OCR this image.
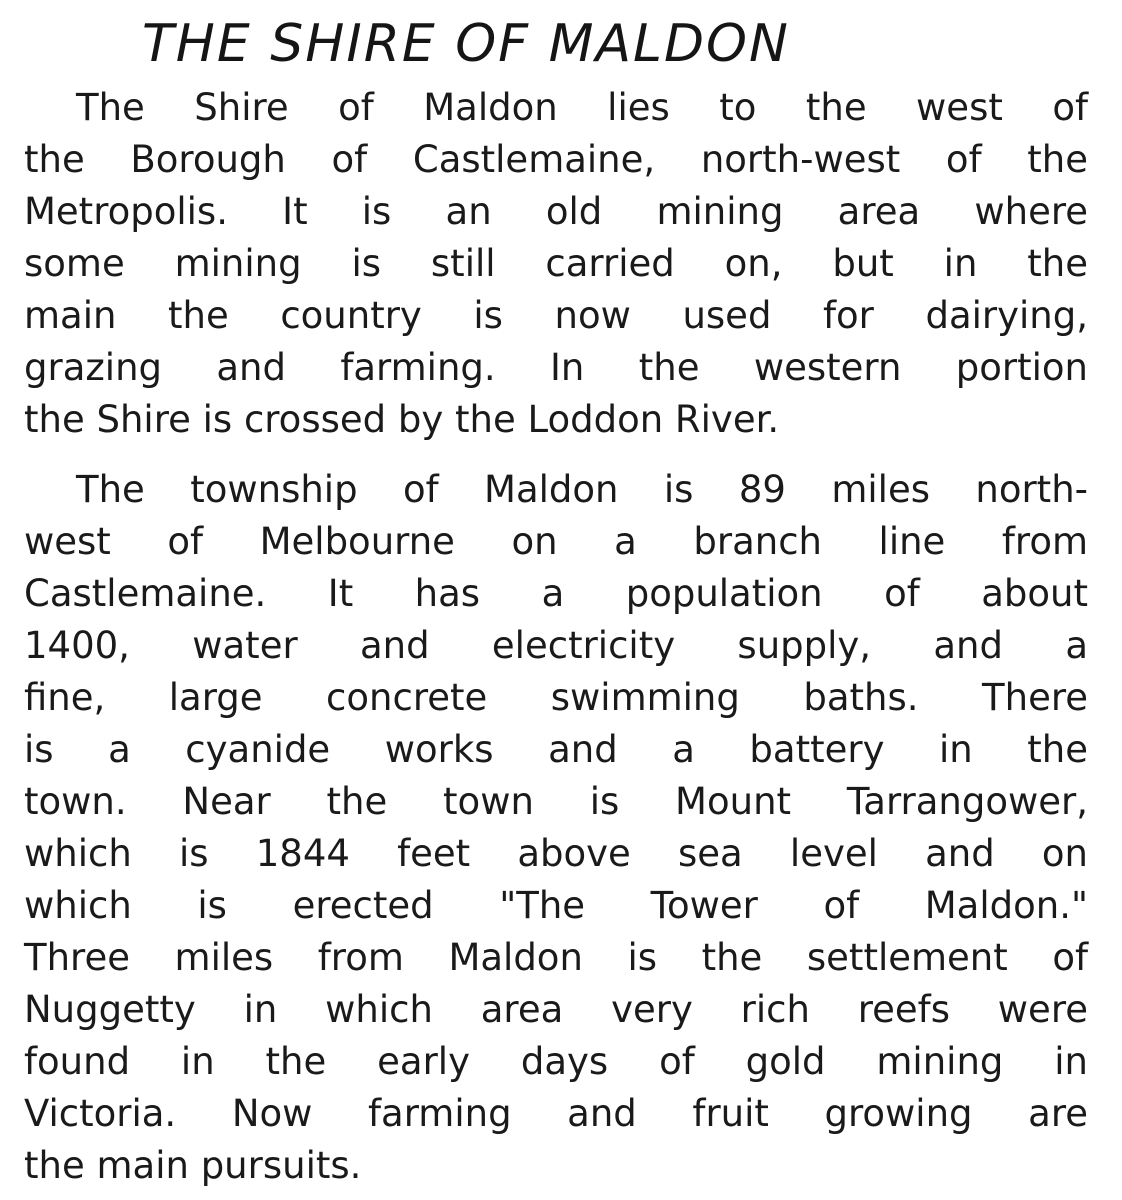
THE SHIRE OF MALDON
The Shire of Maldon lies to the west of
the Borough of Castlemaine, north-west of the
Metropolis. It is an old mining area where
some mining is still carried on, but in the
main the country is now used for dairying,
grazing and farming. In the western portion
the Shire is crossed by the Loddon River.
The township of Maldon is 89 miles north-
west of Melbourne on a branch line from
Castlemaine. It has a population of about
1400, water and electricity supply, and a
fine, large concrete swimming baths. There
is a cyanide works and a battery in the
town. Near the town is Mount Tarrangower,
which is 1844 feet above sea level and on
which is erected "The Tower of Maldon."
Three miles from Maldon is the settlement of
Nuggetty in which area very rich reefs were
found in the early days of gold mining in
Victoria. Now farming and fruit growing are
the main pursuits.
